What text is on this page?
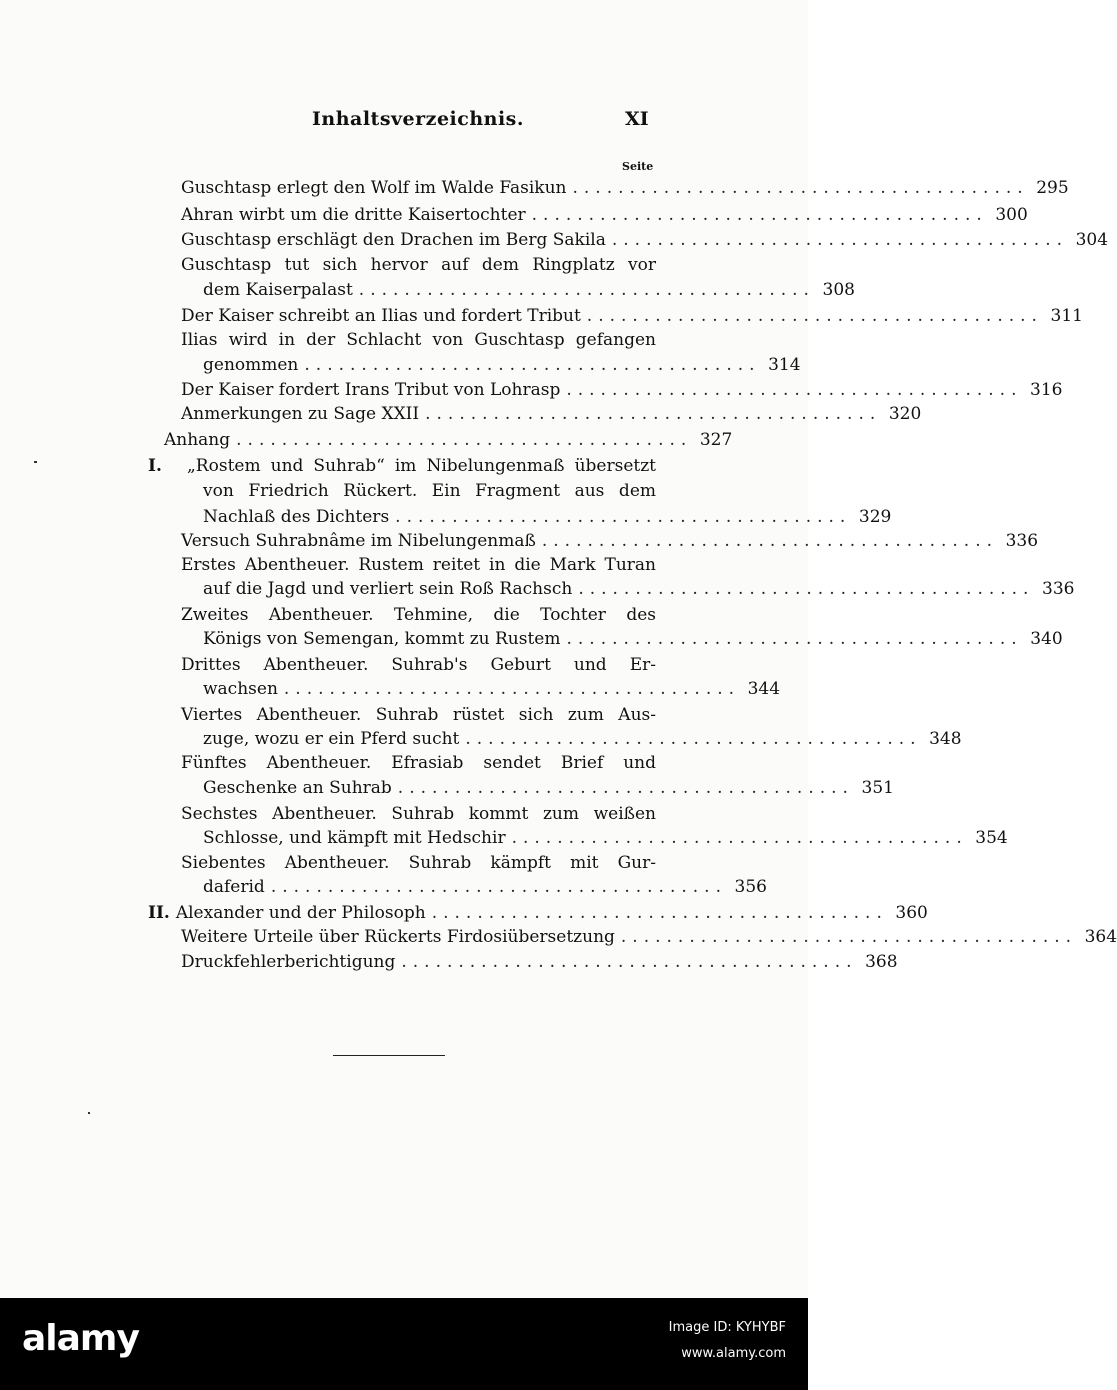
Inhaltsverzeichnis.	XI
Seite
Guschtasp erlegt den Wolf im Walde Fasikun ........................................ 295
Ahran wirbt um die dritte Kaisertochter ........................................ 300
Guschtasp erschlägt den Drachen im Berg Sakila ........................................ 304
Guschtasp tut sich hervor auf dem Ringplatz vor
dem Kaiserpalast ........................................ 308
Der Kaiser schreibt an Ilias und fordert Tribut ........................................ 311
Ilias wird in der Schlacht von Guschtasp gefangen
genommen ........................................ 314
Der Kaiser fordert Irans Tribut von Lohrasp ........................................ 316
Anmerkungen zu Sage XXII ........................................ 320
Anhang ........................................ 327
I.	„Rostem und Suhrab“ im Nibelungenmaß übersetzt
von Friedrich Rückert. Ein Fragment aus dem
Nachlaß des Dichters ........................................ 329
Versuch Suhrabnâme im Nibelungenmaß ........................................ 336
Erstes Abentheuer. Rustem reitet in die Mark Turan
auf die Jagd und verliert sein Roß Rachsch ........................................ 336
Zweites Abentheuer. Tehmine, die Tochter des
Königs von Semengan, kommt zu Rustem ........................................ 340
Drittes Abentheuer. Suhrab's Geburt und Er-
wachsen ........................................ 344
Viertes Abentheuer. Suhrab rüstet sich zum Aus-
zuge, wozu er ein Pferd sucht ........................................ 348
Fünftes Abentheuer. Efrasiab sendet Brief und
Geschenke an Suhrab ........................................ 351
Sechstes Abentheuer. Suhrab kommt zum weißen
Schlosse, und kämpft mit Hedschir ........................................ 354
Siebentes Abentheuer. Suhrab kämpft mit Gur-
daferid ........................................ 356
II. Alexander und der Philosoph ........................................ 360
Weitere Urteile über Rückerts Firdosiübersetzung ........................................ 364
Druckfehlerberichtigung ........................................ 368
alamy	Image ID: KYHYBF
www.alamy.com
